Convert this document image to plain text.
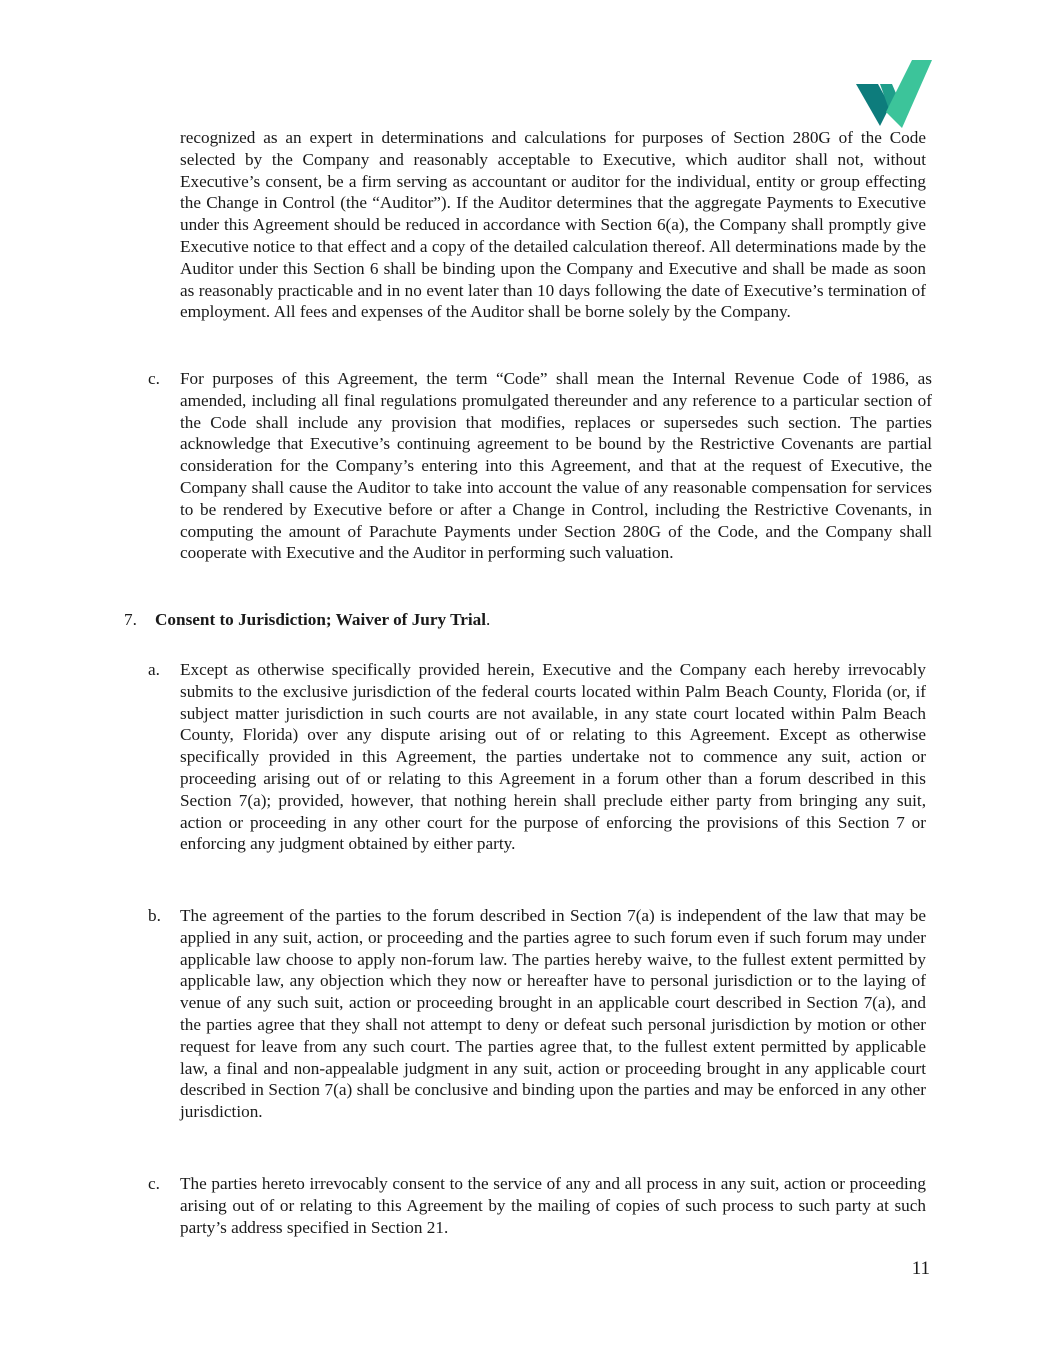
recognized as an expert in determinations and calculations for purposes of Section 280G of the Code selected by the Company and reasonably acceptable to Executive, which auditor shall not, without Executive’s consent, be a firm serving as accountant or auditor for the individual, entity or group effecting the Change in Control (the “Auditor”). If the Auditor determines that the aggregate Payments to Executive under this Agreement should be reduced in accordance with Section 6(a), the Company shall promptly give Executive notice to that effect and a copy of the detailed calculation thereof. All determinations made by the Auditor under this Section 6 shall be binding upon the Company and Executive and shall be made as soon as reasonably practicable and in no event later than 10 days following the date of Executive’s termination of employment. All fees and expenses of the Auditor shall be borne solely by the Company.

c. For purposes of this Agreement, the term “Code” shall mean the Internal Revenue Code of 1986, as amended, including all final regulations promulgated thereunder and any reference to a particular section of the Code shall include any provision that modifies, replaces or supersedes such section. The parties acknowledge that Executive’s continuing agreement to be bound by the Restrictive Covenants are partial consideration for the Company’s entering into this Agreement, and that at the request of Executive, the Company shall cause the Auditor to take into account the value of any reasonable compensation for services to be rendered by Executive before or after a Change in Control, including the Restrictive Covenants, in computing the amount of Parachute Payments under Section 280G of the Code, and the Company shall cooperate with Executive and the Auditor in performing such valuation.

7. Consent to Jurisdiction; Waiver of Jury Trial.
a. Except as otherwise specifically provided herein, Executive and the Company each hereby irrevocably submits to the exclusive jurisdiction of the federal courts located within Palm Beach County, Florida (or, if subject matter jurisdiction in such courts are not available, in any state court located within Palm Beach County, Florida) over any dispute arising out of or relating to this Agreement. Except as otherwise specifically provided in this Agreement, the parties undertake not to commence any suit, action or proceeding arising out of or relating to this Agreement in a forum other than a forum described in this Section 7(a); provided, however, that nothing herein shall preclude either party from bringing any suit, action or proceeding in any other court for the purpose of enforcing the provisions of this Section 7 or enforcing any judgment obtained by either party.

b. The agreement of the parties to the forum described in Section 7(a) is independent of the law that may be applied in any suit, action, or proceeding and the parties agree to such forum even if such forum may under applicable law choose to apply non-forum law. The parties hereby waive, to the fullest extent permitted by applicable law, any objection which they now or hereafter have to personal jurisdiction or to the laying of venue of any such suit, action or proceeding brought in an applicable court described in Section 7(a), and the parties agree that they shall not attempt to deny or defeat such personal jurisdiction by motion or other request for leave from any such court. The parties agree that, to the fullest extent permitted by applicable law, a final and non-appealable judgment in any suit, action or proceeding brought in any applicable court described in Section 7(a) shall be conclusive and binding upon the parties and may be enforced in any other jurisdiction.

c. The parties hereto irrevocably consent to the service of any and all process in any suit, action or proceeding arising out of or relating to this Agreement by the mailing of copies of such process to such party at such party’s address specified in Section 21.

11
